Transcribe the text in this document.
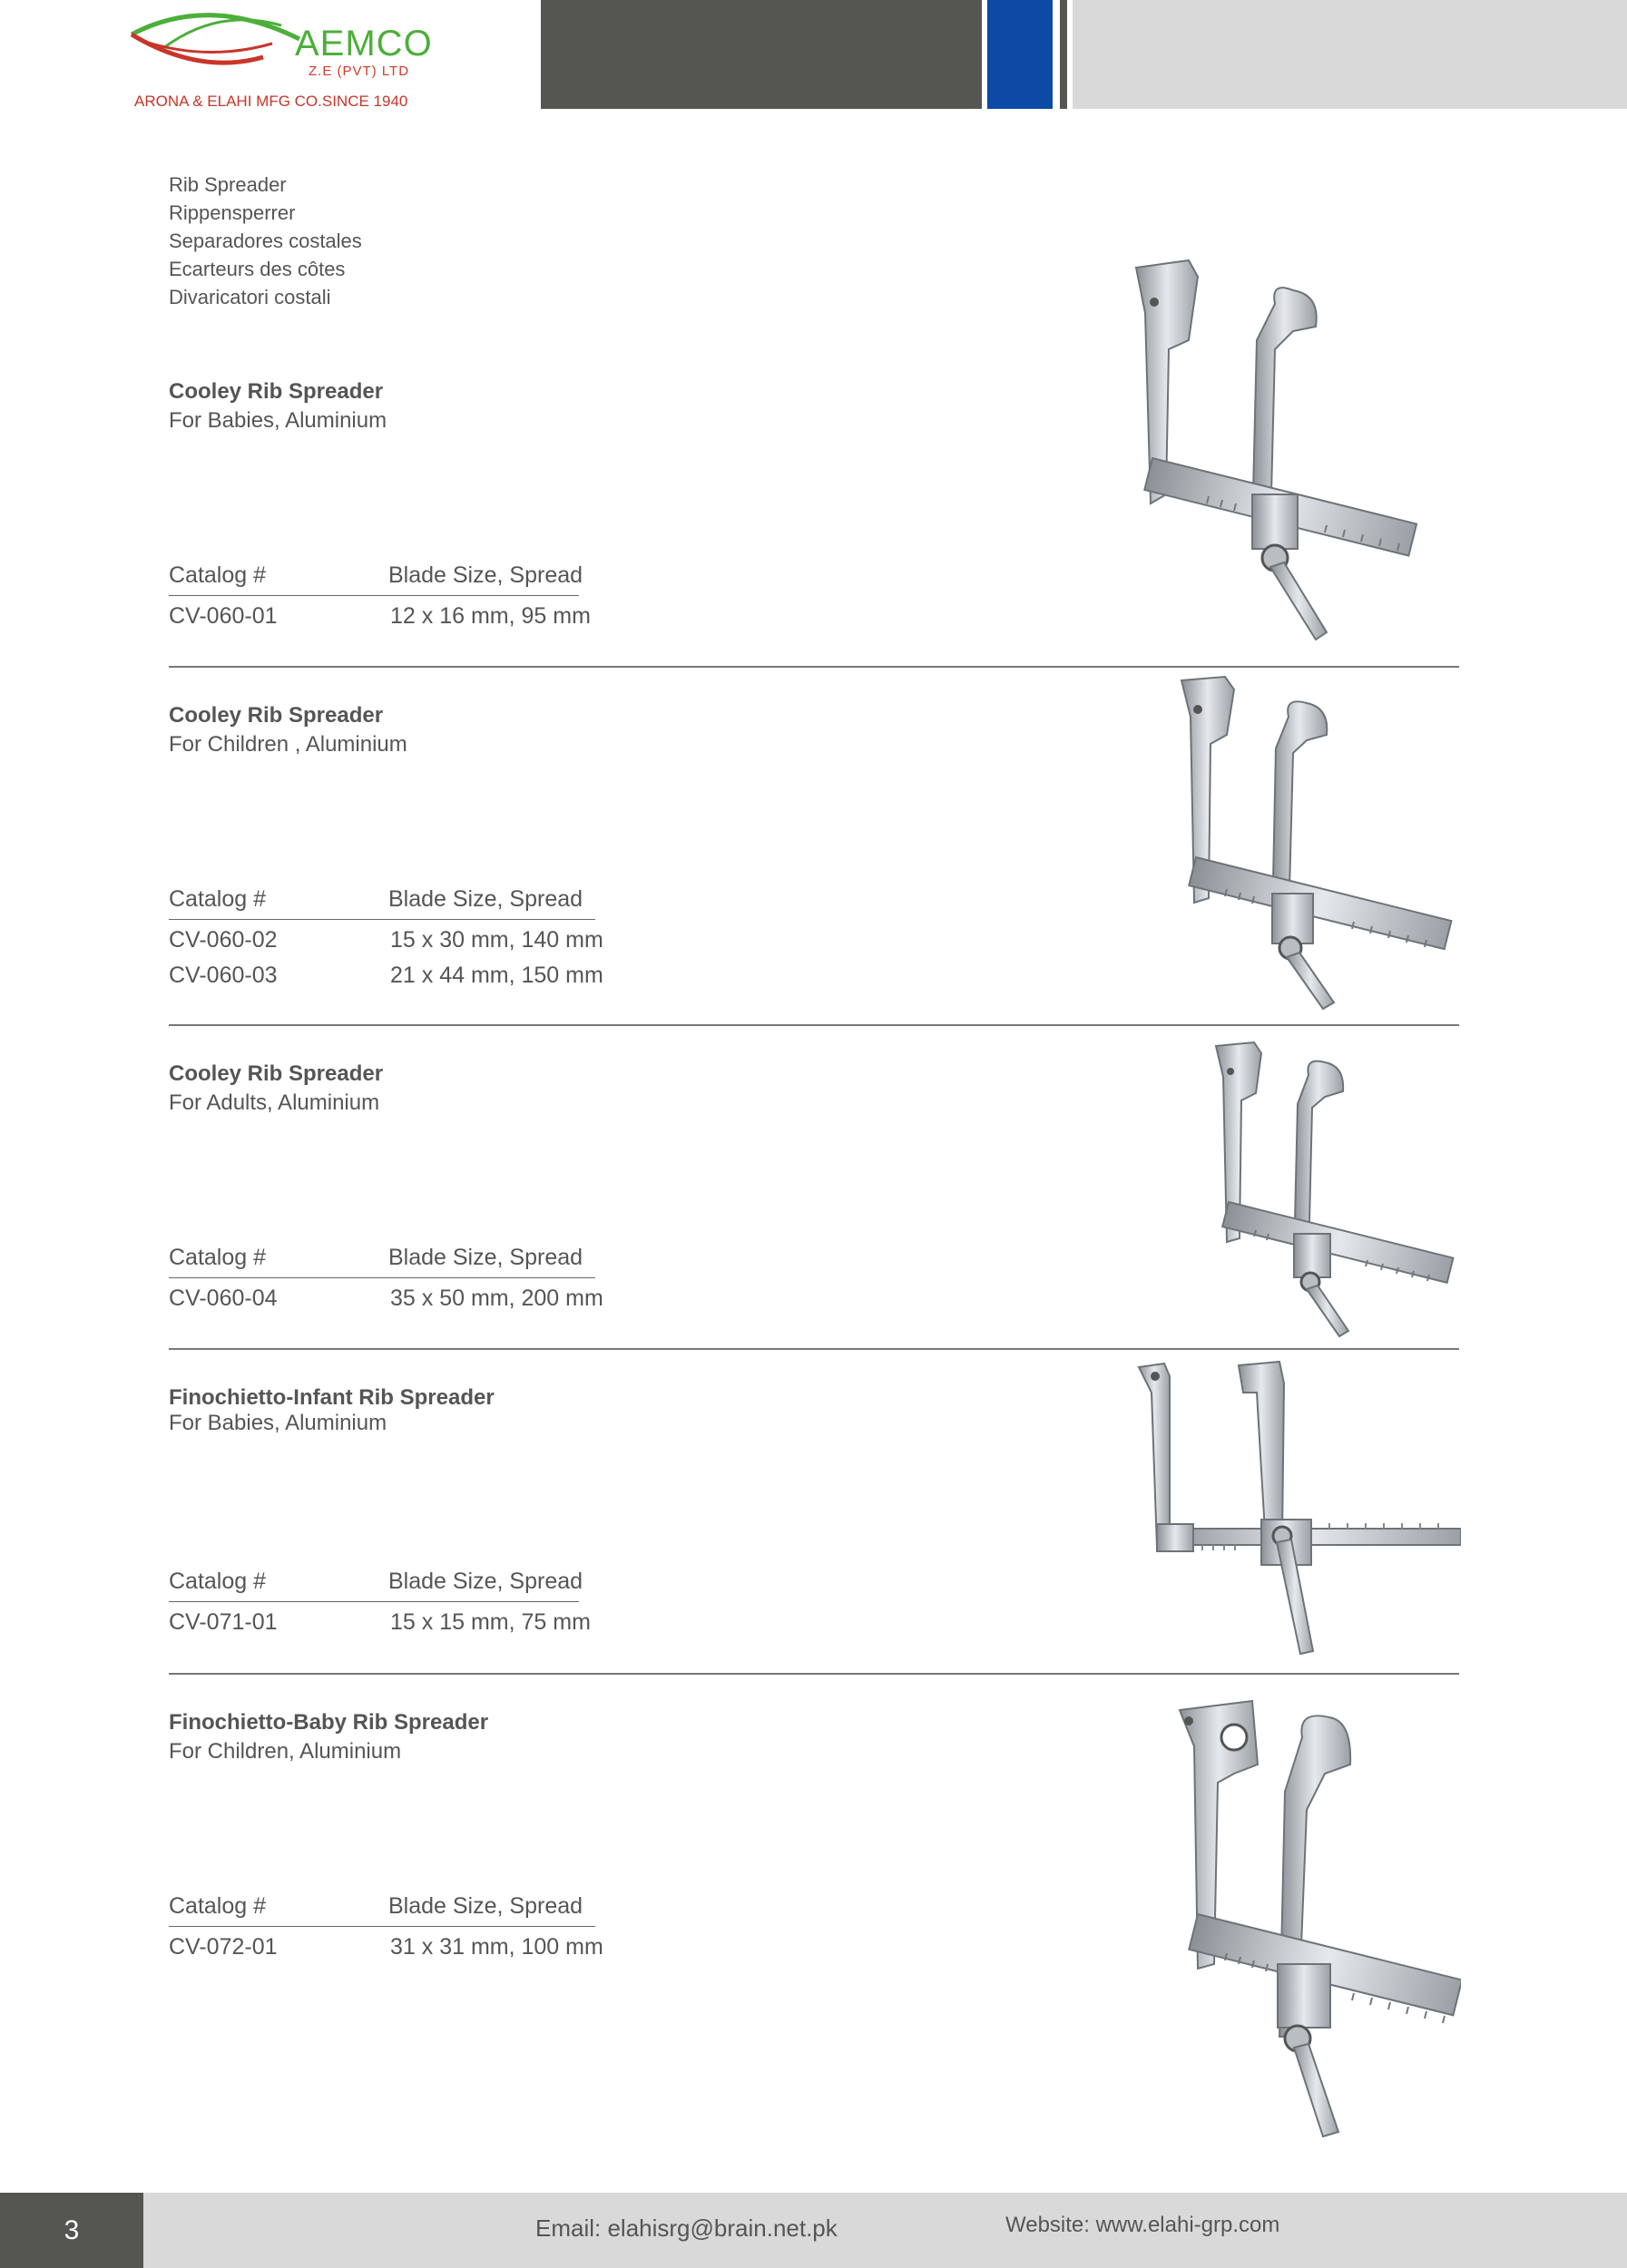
AEMCO
Z.E (PVT) LTD
ARONA & ELAHI MFG CO.SINCE 1940
Rib Spreader
Rippensperrer
Separadores costales
Ecarteurs des côtes
Divaricatori costali
Cooley Rib Spreader
For Babies, Aluminium
Catalog #	Blade Size, Spread
CV-060-01	12 x 16 mm, 95 mm
Cooley Rib Spreader
For Children , Aluminium
Catalog #	Blade Size, Spread
CV-060-02	15 x 30 mm, 140 mm
CV-060-03	21 x 44 mm, 150 mm
Cooley Rib Spreader
For Adults, Aluminium
Catalog #	Blade Size, Spread
CV-060-04	35 x 50 mm, 200 mm
Finochietto-Infant Rib Spreader
For Babies, Aluminium
Catalog #	Blade Size, Spread
CV-071-01	15 x 15 mm, 75 mm
Finochietto-Baby Rib Spreader
For Children, Aluminium
Catalog #	Blade Size, Spread
CV-072-01	31 x 31 mm, 100 mm
3	Email: elahisrg@brain.net.pk	Website: www.elahi-grp.com
